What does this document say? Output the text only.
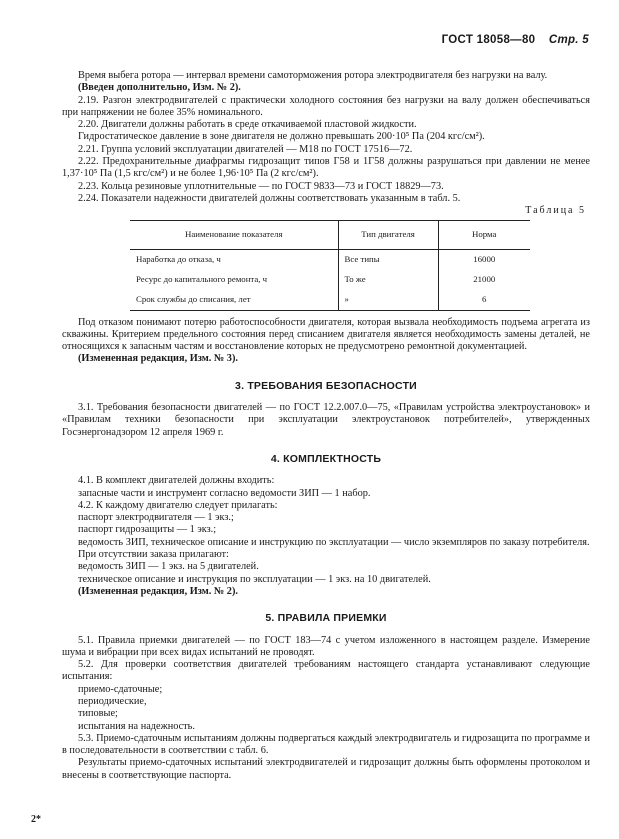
ГОСТ 18058—80 Стр. 5

Время выбега ротора — интервал времени самоторможения ротора электродвигателя без нагрузки на валу.

(Введен дополнительно, Изм. № 2).

2.19. Разгон электродвигателей с практически холодного состояния без нагрузки на валу должен обеспечиваться при напряжении не более 35% номинального.

2.20. Двигатели должны работать в среде откачиваемой пластовой жидкости.

Гидростатическое давление в зоне двигателя не должно превышать 200·10⁵ Па (204 кгс/см²).

2.21. Группа условий эксплуатации двигателей — М18 по ГОСТ 17516—72.

2.22. Предохранительные диафрагмы гидрозащит типов Г58 и 1Г58 должны разрушаться при давлении не менее 1,37·10⁵ Па (1,5 кгс/см²) и не более 1,96·10⁵ Па (2 кгс/см²).

2.23. Кольца резиновые уплотнительные — по ГОСТ 9833—73 и ГОСТ 18829—73.

2.24. Показатели надежности двигателей должны соответствовать указанным в табл. 5.

Таблица 5
Наименование показателя	Тип двигателя	Норма
Наработка до отказа, ч	Все типы	16000
Ресурс до капитального ремонта, ч	То же	21000
Срок службы до списания, лет	»	6

Под отказом понимают потерю работоспособности двигателя, которая вызвала необходимость подъема агрегата из скважины. Критерием предельного состояния перед списанием двигателя является необходимость замены деталей, не относящихся к запасным частям и восстановление которых не предусмотрено ремонтной документацией.

(Измененная редакция, Изм. № 3).

3. ТРЕБОВАНИЯ БЕЗОПАСНОСТИ

3.1. Требования безопасности двигателей — по ГОСТ 12.2.007.0—75, «Правилам устройства электроустановок» и «Правилам техники безопасности при эксплуатации электроустановок потребителей», утвержденных Госэнергонадзором 12 апреля 1969 г.

4. КОМПЛЕКТНОСТЬ

4.1. В комплект двигателей должны входить:

запасные части и инструмент согласно ведомости ЗИП — 1 набор.

4.2. К каждому двигателю следует прилагать:

паспорт электродвигателя — 1 экз.;

паспорт гидрозащиты — 1 экз.;

ведомость ЗИП, техническое описание и инструкцию по эксплуатации — число экземпляров по заказу потребителя.

При отсутствии заказа прилагают:

ведомость ЗИП — 1 экз. на 5 двигателей.

техническое описание и инструкция по эксплуатации — 1 экз. на 10 двигателей.

(Измененная редакция, Изм. № 2).

5. ПРАВИЛА ПРИЕМКИ

5.1. Правила приемки двигателей — по ГОСТ 183—74 с учетом изложенного в настоящем разделе. Измерение шума и вибрации при всех видах испытаний не проводят.

5.2. Для проверки соответствия двигателей требованиям настоящего стандарта устанавливают следующие испытания:

приемо-сдаточные;

периодические,

типовые;

испытания на надежность.

5.3. Приемо-сдаточным испытаниям должны подвергаться каждый электродвигатель и гидрозащита по программе и в последовательности в соответствии с табл. 6.

Результаты приемо-сдаточных испытаний электродвигателей и гидрозащит должны быть оформлены протоколом и внесены в соответствующие паспорта.

2*
